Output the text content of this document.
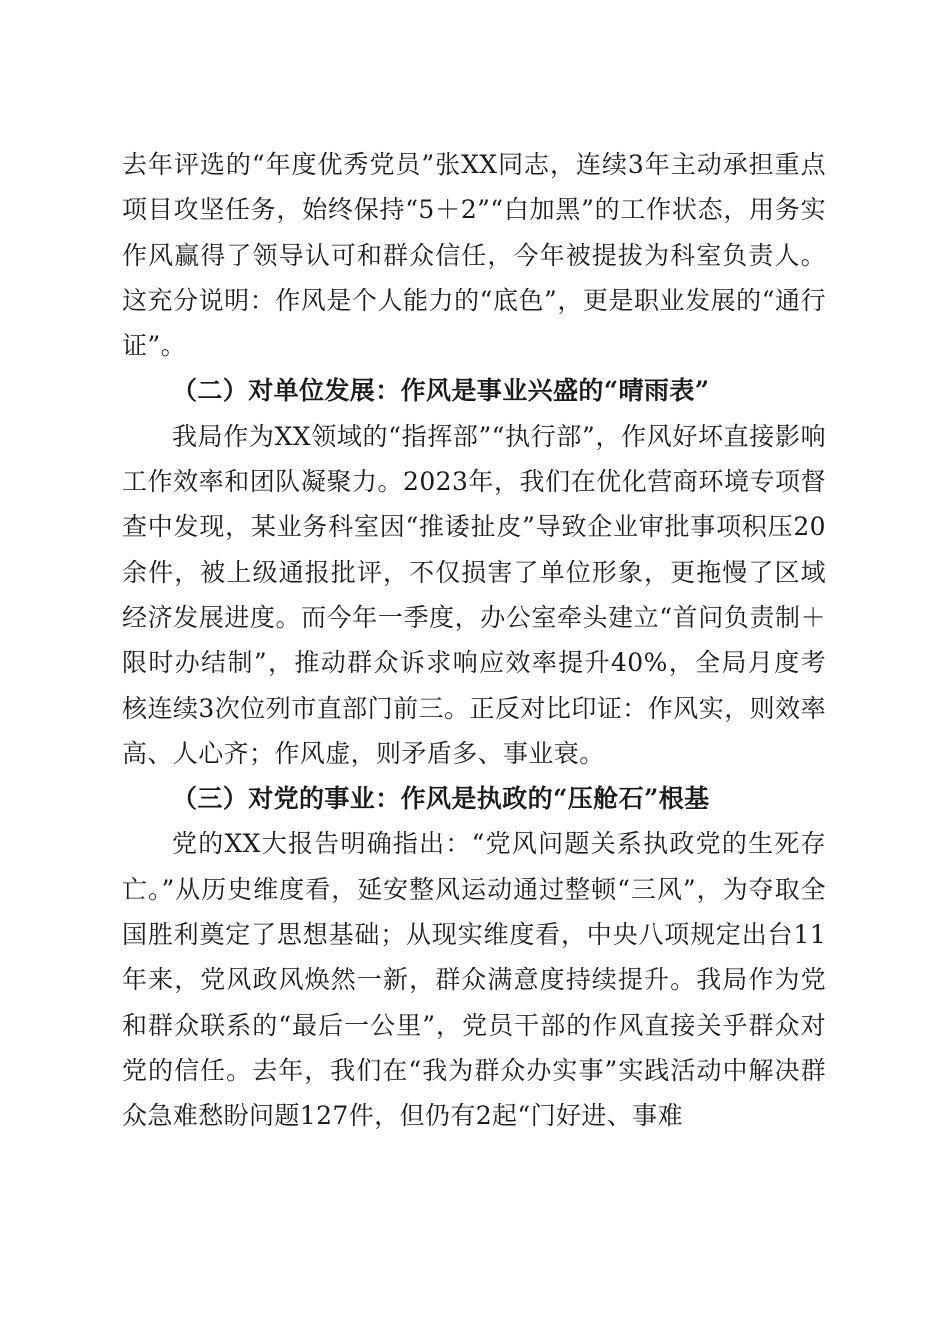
去年评选的“年度优秀党员”张XX同志，连续3年主动承担重点项目攻坚任务，始终保持“5＋2”“白加黑”的工作状态，用务实作风赢得了领导认可和群众信任，今年被提拔为科室负责人。这充分说明：作风是个人能力的“底色”，更是职业发展的“通行证”。

（二）对单位发展：作风是事业兴盛的“晴雨表”

我局作为XX领域的“指挥部”“执行部”，作风好坏直接影响工作效率和团队凝聚力。2023年，我们在优化营商环境专项督查中发现，某业务科室因“推诿扯皮”导致企业审批事项积压20余件，被上级通报批评，不仅损害了单位形象，更拖慢了区域经济发展进度。而今年一季度，办公室牵头建立“首问负责制＋限时办结制”，推动群众诉求响应效率提升40%，全局月度考核连续3次位列市直部门前三。正反对比印证：作风实，则效率高、人心齐；作风虚，则矛盾多、事业衰。

（三）对党的事业：作风是执政的“压舱石”根基

党的XX大报告明确指出：“党风问题关系执政党的生死存亡。”从历史维度看，延安整风运动通过整顿“三风”，为夺取全国胜利奠定了思想基础；从现实维度看，中央八项规定出台11年来，党风政风焕然一新，群众满意度持续提升。我局作为党和群众联系的“最后一公里”，党员干部的作风直接关乎群众对党的信任。去年，我们在“我为群众办实事”实践活动中解决群众急难愁盼问题127件，但仍有2起“门好进、事难
